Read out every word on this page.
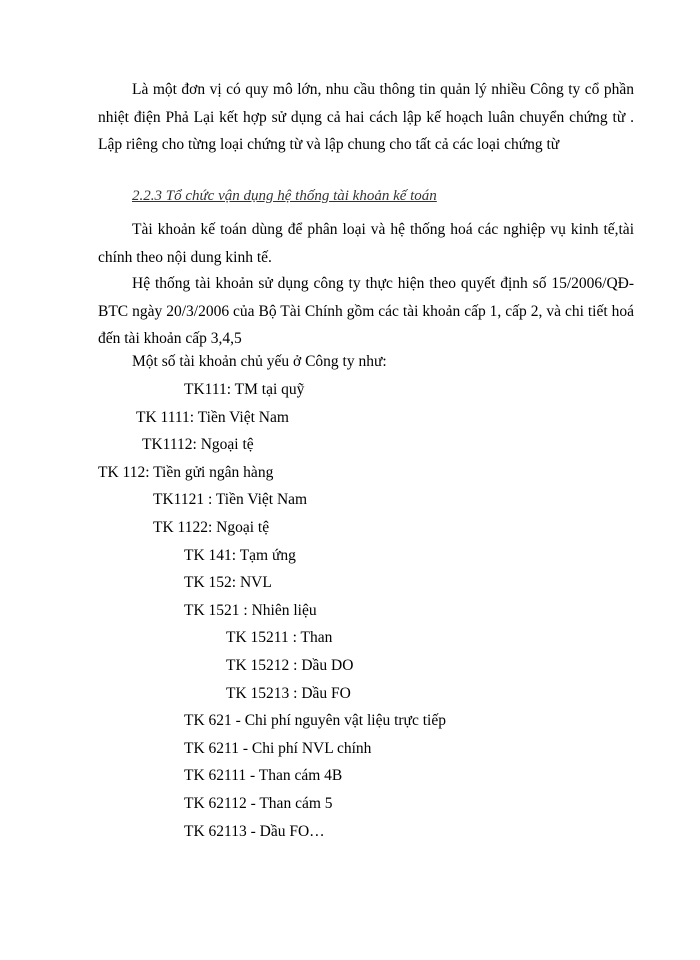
Là một đơn vị có quy mô lớn, nhu cầu thông tin quản lý nhiều Công ty cổ phần nhiệt điện Phả Lại kết hợp sử dụng cả hai cách lập kế hoạch luân chuyển chứng từ . Lập riêng cho từng loại chứng từ và lập chung cho tất cả các loại chứng từ

2.2.3 Tổ chức vận dụng hệ thống tài khoản kế toán

Tài khoản kế toán dùng để phân loại và hệ thống hoá các nghiệp vụ kinh tế,tài chính theo nội dung kinh tế.

Hệ thống tài khoản sử dụng công ty thực hiện theo quyết định số 15/2006/QĐ- BTC ngày 20/3/2006 của Bộ Tài Chính gồm các tài khoản cấp 1, cấp 2, và chi tiết hoá đến tài khoản cấp 3,4,5

Một số tài khoản chủ yếu ở Công ty như:
TK111: TM tại quỹ
TK 1111: Tiền Việt Nam
TK1112: Ngoại tệ
TK 112: Tiền gửi ngân hàng
TK1121 : Tiền Việt Nam
TK 1122: Ngoại tệ
TK 141: Tạm ứng
TK 152: NVL
TK 1521 : Nhiên liệu
TK 15211 : Than
TK 15212 : Dầu DO
TK 15213 : Dầu FO
TK 621 - Chi phí nguyên vật liệu trực tiếp
TK 6211 - Chi phí NVL chính
TK 62111 - Than cám 4B
TK 62112 - Than cám 5
TK 62113 - Dầu FO…
